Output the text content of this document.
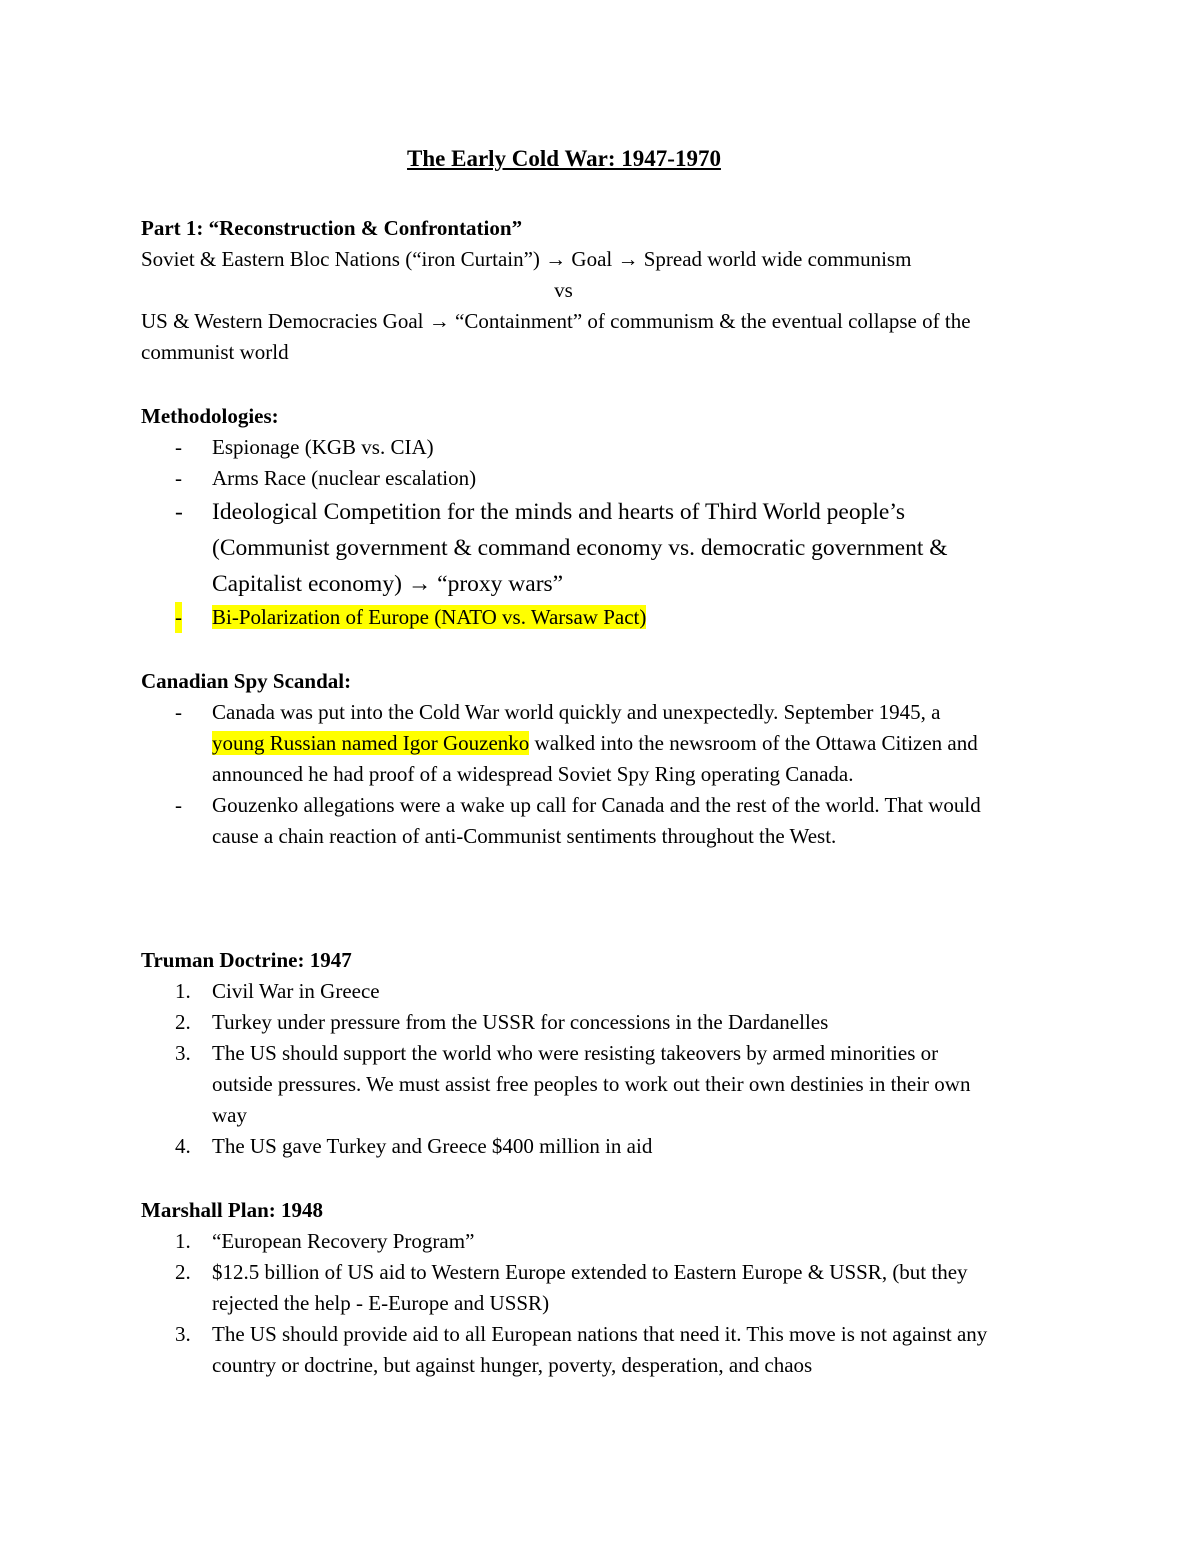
The Early Cold War: 1947-1970
Part 1: “Reconstruction & Confrontation”
Soviet & Eastern Bloc Nations (“iron Curtain”) → Goal → Spread world wide communism
vs
US & Western Democracies Goal → “Containment” of communism & the eventual collapse of the communist world
Methodologies:
- Espionage (KGB vs. CIA)
- Arms Race (nuclear escalation)
- Ideological Competition for the minds and hearts of Third World people’s (Communist government & command economy vs. democratic government & Capitalist economy) → “proxy wars”
- Bi-Polarization of Europe (NATO vs. Warsaw Pact)
Canadian Spy Scandal:
- Canada was put into the Cold War world quickly and unexpectedly. September 1945, a young Russian named Igor Gouzenko walked into the newsroom of the Ottawa Citizen and announced he had proof of a widespread Soviet Spy Ring operating Canada.
- Gouzenko allegations were a wake up call for Canada and the rest of the world. That would cause a chain reaction of anti-Communist sentiments throughout the West.
Truman Doctrine: 1947
1. Civil War in Greece
2. Turkey under pressure from the USSR for concessions in the Dardanelles
3. The US should support the world who were resisting takeovers by armed minorities or outside pressures. We must assist free peoples to work out their own destinies in their own way
4. The US gave Turkey and Greece $400 million in aid
Marshall Plan: 1948
1. “European Recovery Program”
2. $12.5 billion of US aid to Western Europe extended to Eastern Europe & USSR, (but they rejected the help - E-Europe and USSR)
3. The US should provide aid to all European nations that need it. This move is not against any country or doctrine, but against hunger, poverty, desperation, and chaos
